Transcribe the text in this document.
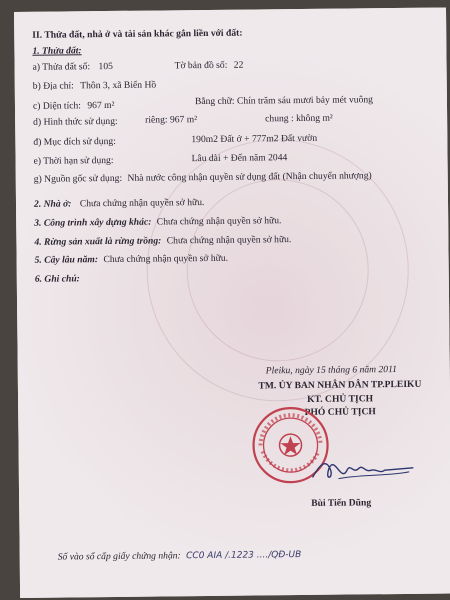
II. Thửa đất, nhà ở và tài sản khác gắn liền với đất:
1. Thửa đất:
a) Thửa đất số: 105	Tờ bản đồ số: 22
b) Địa chỉ: Thôn 3, xã Biển Hồ
c) Diện tích: 967 m²	Bằng chữ: Chín trăm sáu mươi bảy mét vuông
d) Hình thức sử dụng:	riêng: 967 m²	chung : không m²
đ) Mục đích sử dụng:	190m2 Đất ở + 777m2 Đất vườn
e) Thời hạn sử dụng:	Lâu dài + Đến năm 2044
g) Nguồn gốc sử dụng: Nhà nước công nhận quyền sử dụng đất (Nhận chuyển nhượng)
2. Nhà ở: Chưa chứng nhận quyền sở hữu.
3. Công trình xây dựng khác: Chưa chứng nhận quyền sở hữu.
4. Rừng sản xuất là rừng trồng: Chưa chứng nhận quyền sở hữu.
5. Cây lâu năm: Chưa chứng nhận quyền sở hữu.
6. Ghi chú:
Pleiku, ngày 15 tháng 6 năm 2011
TM. ỦY BAN NHÂN DÂN TP.PLEIKU
KT. CHỦ TỊCH
PHÓ CHỦ TỊCH
Bùi Tiến Dũng
Số vào sổ cấp giấy chứng nhận: CC0 AIA /.1223 ..../QĐ-UB
